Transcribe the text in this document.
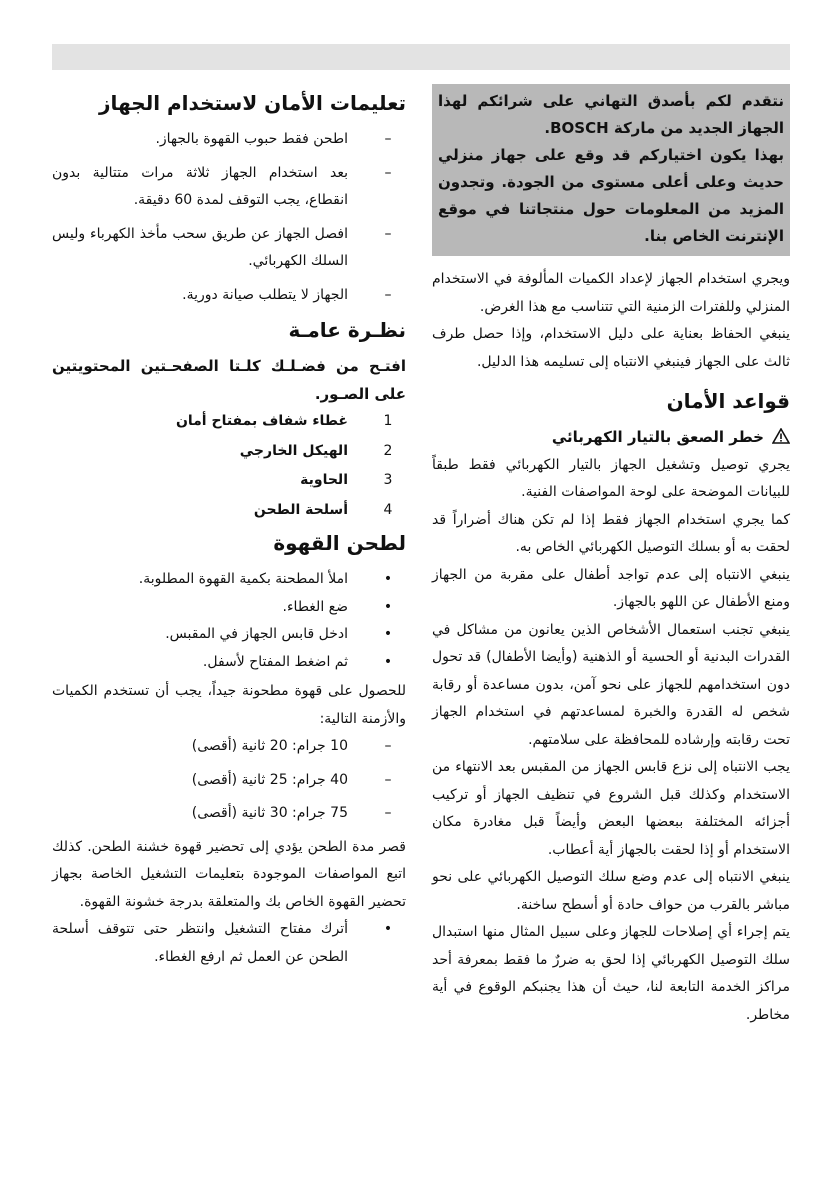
نتقدم لكم بأصدق التهاني على شرائكم لهذا الجهاز الجديد من ماركة BOSCH.

بهذا يكون اختياركم قد وقع على جهاز منزلي حديث وعلى أعلى مستوى من الجودة. وتجدون المزيد من المعلومات حول منتجاتنا في موقع الإنترنت الخاص بنا.

ويجري استخدام الجهاز لإعداد الكميات المألوفة في الاستخدام المنزلي وللفترات الزمنية التي تتناسب مع هذا الغرض.

ينبغي الحفاظ بعناية على دليل الاستخدام، وإذا حصل طرف ثالث على الجهاز فينبغي الانتباه إلى تسليمه هذا الدليل.

قواعد الأمان
خطر الصعق بالتيار الكهربائي

يجري توصيل وتشغيل الجهاز بالتيار الكهربائي فقط طبقاً للبيانات الموضحة على لوحة المواصفات الفنية.

كما يجري استخدام الجهاز فقط إذا لم تكن هناك أضراراً قد لحقت به أو بسلك التوصيل الكهربائي الخاص به.

ينبغي الانتباه إلى عدم تواجد أطفال على مقربة من الجهاز ومنع الأطفال عن اللهو بالجهاز.

ينبغي تجنب استعمال الأشخاص الذين يعانون من مشاكل في القدرات البدنية أو الحسية أو الذهنية (وأيضا الأطفال) قد تحول دون استخدامهم للجهاز على نحو آمن، بدون مساعدة أو رقابة شخص له القدرة والخبرة لمساعدتهم في استخدام الجهاز تحت رقابته وإرشاده للمحافظة على سلامتهم.

يجب الانتباه إلى نزع قابس الجهاز من المقبس بعد الانتهاء من الاستخدام وكذلك قبل الشروع في تنظيف الجهاز أو تركيب أجزائه المختلفة ببعضها البعض وأيضاً قبل مغادرة مكان الاستخدام أو إذا لحقت بالجهاز أية أعطاب.

ينبغي الانتباه إلى عدم وضع سلك التوصيل الكهربائي على نحو مباشر بالقرب من حواف حادة أو أسطح ساخنة.

يتم إجراء أي إصلاحات للجهاز وعلى سبيل المثال منها استبدال سلك التوصيل الكهربائي إذا لحق به ضررٌ ما فقط بمعرفة أحد مراكز الخدمة التابعة لنا، حيث أن هذا يجنبكم الوقوع في أية مخاطر.

تعليمات الأمان لاستخدام الجهاز
–
اطحن فقط حبوب القهوة بالجهاز.
–
بعد استخدام الجهاز ثلاثة مرات متتالية بدون انقطاع، يجب التوقف لمدة 60 دقيقة.
–
افصل الجهاز عن طريق سحب مأخذ الكهرباء وليس السلك الكهربائي.
–
الجهاز لا يتطلب صيانة دورية.
نظـرة عامـة

افتـح من فضـلـك كلـتا الصفحـتين المحتويتين على الصـور.

1
غطاء شفاف بمفتاح أمان
2
الهيكل الخارجي
3
الحاوية
4
أسلحة الطحن
لطحن القهوة
•
املأ المطحنة بكمية القهوة المطلوبة.
•
ضع الغطاء.
•
ادخل قابس الجهاز في المقبس.
•
ثم اضغط المفتاح لأسفل.

للحصول على قهوة مطحونة جيداً، يجب أن تستخدم الكميات والأزمنة التالية:

–
10 جرام: 20 ثانية (أقصى)
–
40 جرام: 25 ثانية (أقصى)
–
75 جرام: 30 ثانية (أقصى)

قصر مدة الطحن يؤدي إلى تحضير قهوة خشنة الطحن. كذلك اتبع المواصفات الموجودة بتعليمات التشغيل الخاصة بجهاز تحضير القهوة الخاص بك والمتعلقة بدرجة خشونة القهوة.

•
أترك مفتاح التشغيل وانتظر حتى تتوقف أسلحة الطحن عن العمل ثم ارفع الغطاء.
